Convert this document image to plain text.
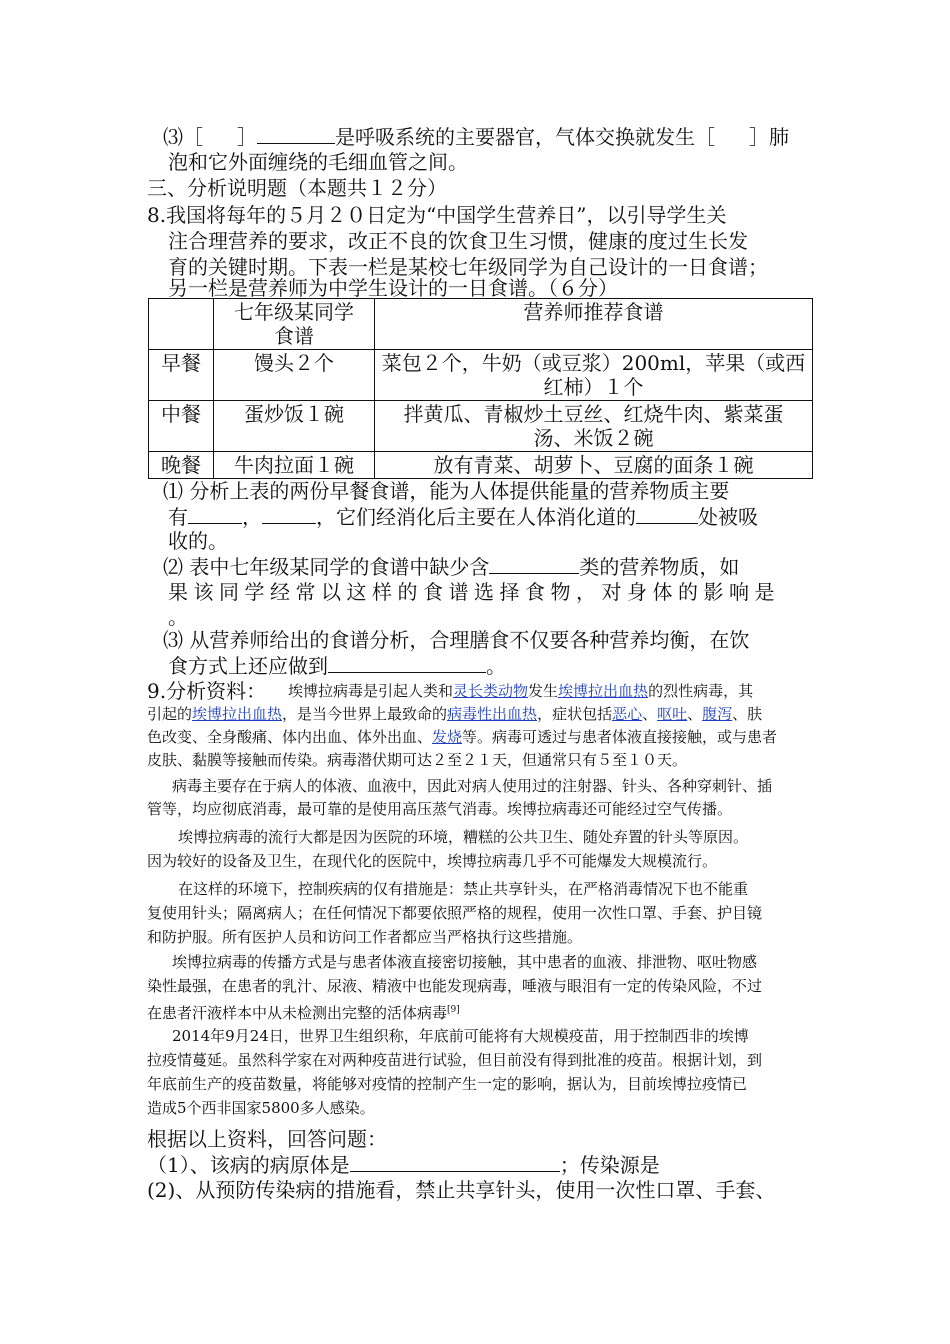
⑶［ ］	是呼吸系统的主要器官，气体交换就发生［ ］肺
泡和它外面缠绕的毛细血管之间。
三、分析说明题（本题共１２分）
8.我国将每年的５月２０日定为“中国学生营养日”，以引导学生关
注合理营养的要求，改正不良的饮食卫生习惯，健康的度过生长发
育的关键时期。下表一栏是某校七年级同学为自己设计的一日食谱；
另一栏是营养师为中学生设计的一日食谱。（６分）

	七年级某同学
食谱	营养师推荐食谱
早餐	馒头２个	菜包２个，牛奶（或豆浆）200ml，苹果（或西
红柿）１个

中餐	蛋炒饭１碗	拌黄瓜、青椒炒土豆丝、红烧牛肉、紫菜蛋
汤、米饭２碗

晚餐	牛肉拉面１碗	放有青菜、胡萝卜、豆腐的面条１碗
⑴ 分析上表的两份早餐食谱，能为人体提供能量的营养物质主要
有	，	，它们经消化后主要在人体消化道的	处被吸
收的。
⑵ 表中七年级某同学的食谱中缺少含	类的营养物质，如
果该同学经常以这样的食谱选择食物，对身体的影响是
。
⑶ 从营养师给出的食谱分析，合理膳食不仅要各种营养均衡，在饮
食方式上还应做到	。
9.分析资料： 埃博拉病毒是引起人类和灵长类动物发生埃博拉出血热的烈性病毒，其
引起的埃博拉出血热，是当今世界上最致命的病毒性出血热，症状包括恶心、呕吐、腹泻、肤
色改变、全身酸痛、体内出血、体外出血、发烧等。病毒可透过与患者体液直接接触，或与患者
皮肤、黏膜等接触而传染。病毒潜伏期可达２至２１天，但通常只有５至１０天。
病毒主要存在于病人的体液、血液中，因此对病人使用过的注射器、针头、各种穿刺针、插
管等，均应彻底消毒，最可靠的是使用高压蒸气消毒。埃博拉病毒还可能经过空气传播。
埃博拉病毒的流行大都是因为医院的环境，糟糕的公共卫生、随处弃置的针头等原因。
因为较好的设备及卫生，在现代化的医院中，埃博拉病毒几乎不可能爆发大规模流行。
在这样的环境下，控制疾病的仅有措施是：禁止共享针头，在严格消毒情况下也不能重
复使用针头；隔离病人；在任何情况下都要依照严格的规程，使用一次性口罩、手套、护目镜
和防护服。所有医护人员和访问工作者都应当严格执行这些措施。
埃博拉病毒的传播方式是与患者体液直接密切接触，其中患者的血液、排泄物、呕吐物感
染性最强，在患者的乳汁、尿液、精液中也能发现病毒，唾液与眼泪有一定的传染风险，不过
在患者汗液样本中从未检测出完整的活体病毒[9]
2014年9月24日，世界卫生组织称，年底前可能将有大规模疫苗，用于控制西非的埃博
拉疫情蔓延。虽然科学家在对两种疫苗进行试验，但目前没有得到批准的疫苗。根据计划，到
年底前生产的疫苗数量，将能够对疫情的控制产生一定的影响，据认为，目前埃博拉疫情已
造成5个西非国家5800多人感染。
根据以上资料，回答问题：
（1）、该病的病原体是	；传染源是
(2)、从预防传染病的措施看，禁止共享针头，使用一次性口罩、手套、
